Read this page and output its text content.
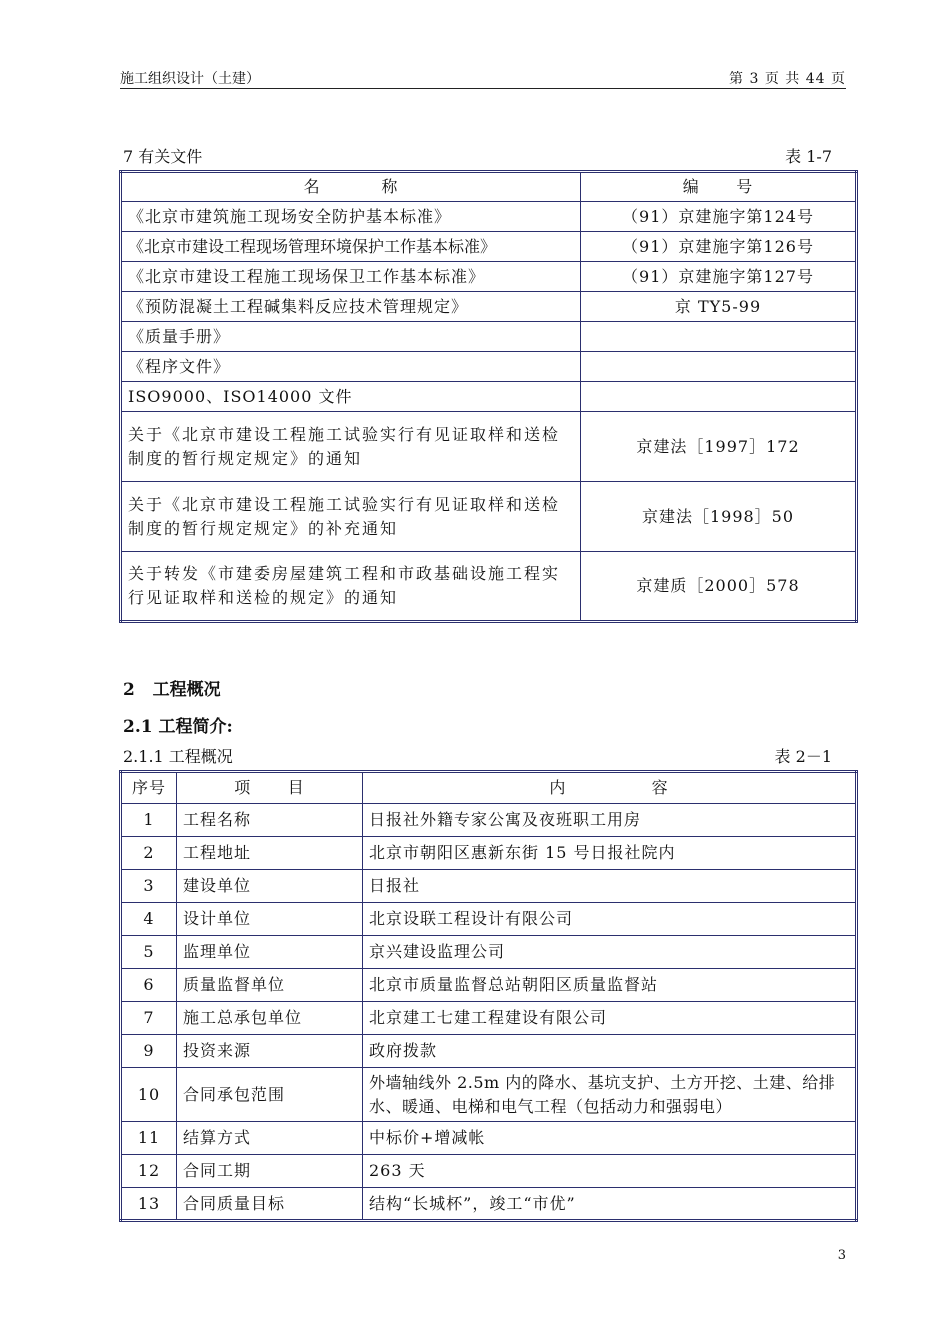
施工组织设计（土建）	第 3 页 共 44 页
7 有关文件	表 1-7
名          称	编      号
《北京市建筑施工现场安全防护基本标准》	（91）京建施字第124号
《北京市建设工程现场管理环境保护工作基本标准》	（91）京建施字第126号
《北京市建设工程施工现场保卫工作基本标准》	（91）京建施字第127号
《预防混凝土工程碱集料反应技术管理规定》	京 TY5-99
《质量手册》	
《程序文件》	
ISO9000、ISO14000 文件	
关于《北京市建设工程施工试验实行有见证取样和送检制度的暂行规定规定》的通知	京建法［1997］172
关于《北京市建设工程施工试验实行有见证取样和送检制度的暂行规定规定》的补充通知	京建法［1998］50
关于转发《市建委房屋建筑工程和市政基础设施工程实行见证取样和送检的规定》的通知	京建质［2000］578
2   工程概况
2.1 工程简介:
2.1.1 工程概况	表 2－1
序号	项      目	内              容
1	工程名称	日报社外籍专家公寓及夜班职工用房
2	工程地址	北京市朝阳区惠新东街 15 号日报社院内
3	建设单位	日报社
4	设计单位	北京设联工程设计有限公司
5	监理单位	京兴建设监理公司
6	质量监督单位	北京市质量监督总站朝阳区质量监督站
7	施工总承包单位	北京建工七建工程建设有限公司
9	投资来源	政府拨款
10	合同承包范围	外墙轴线外 2.5m 内的降水、基坑支护、土方开挖、土建、给排水、暖通、电梯和电气工程（包括动力和强弱电）
11	结算方式	中标价+增减帐
12	合同工期	263 天
13	合同质量目标	结构“长城杯”，竣工“市优”
3
